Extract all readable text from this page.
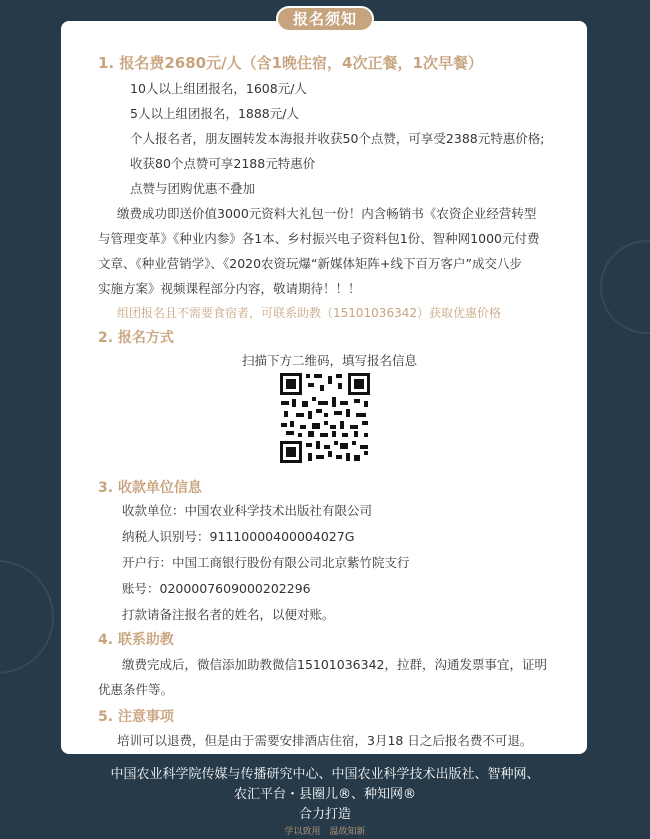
报名须知
1. 报名费2680元/人（含1晚住宿，4次正餐，1次早餐）
10人以上组团报名，1608元/人
5人以上组团报名，1888元/人
个人报名者，朋友圈转发本海报并收获50个点赞，可享受2388元特惠价格;
收获80个点赞可享2188元特惠价
点赞与团购优惠不叠加
缴费成功即送价值3000元资料大礼包一份！内含畅销书《农资企业经营转型
与管理变革》《种业内参》各1本、乡村振兴电子资料包1份、智种网1000元付费
文章、《种业营销学》、《2020农资玩爆“新媒体矩阵+线下百万客户”成交八步
实施方案》视频课程部分内容，敬请期待！！！
组团报名且不需要食宿者，可联系助教（15101036342）获取优惠价格
2. 报名方式
扫描下方二维码，填写报名信息
3. 收款单位信息
收款单位：中国农业科学技术出版社有限公司
纳税人识别号：91110000400004027G
开户行：中国工商银行股份有限公司北京紫竹院支行
账号：0200007609000202296
打款请备注报名者的姓名，以便对账。
4. 联系助教
缴费完成后，微信添加助教微信15101036342，拉群，沟通发票事宜，证明
优惠条件等。
5. 注意事项
培训可以退费，但是由于需要安排酒店住宿，3月18 日之后报名费不可退。
中国农业科学院传媒与传播研究中心、中国农业科学技术出版社、智种网、
农汇平台・县圈儿®、种知网®
合力打造
学以致用　温故知新
